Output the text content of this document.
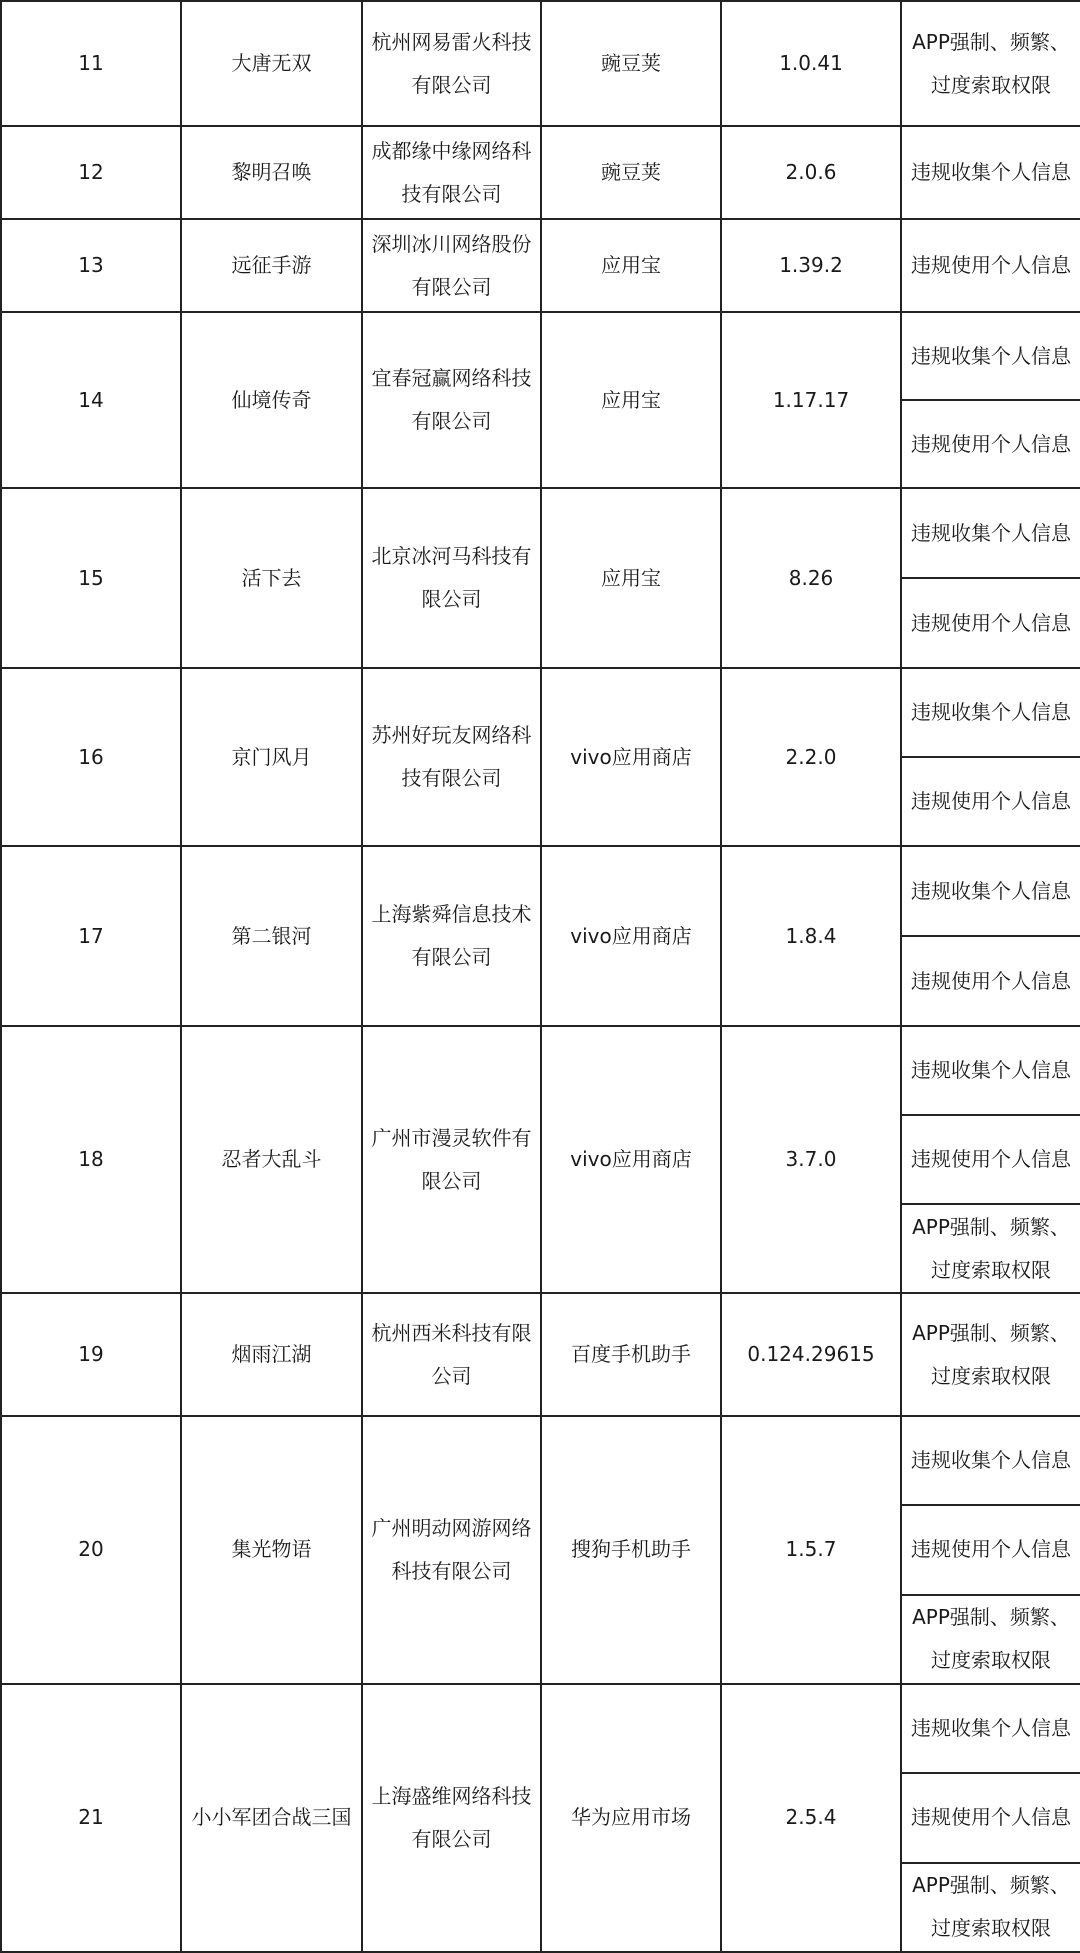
11	大唐无双	杭州网易雷火科技有限公司	豌豆荚	1.0.41	APP强制、频繁、过度索取权限

12	黎明召唤	成都缘中缘网络科技有限公司	豌豆荚	2.0.6	违规收集个人信息

13	远征手游	深圳冰川网络股份有限公司	应用宝	1.39.2	违规使用个人信息

14	仙境传奇	宜春冠赢网络科技有限公司	应用宝	1.17.17	违规收集个人信息

					违规使用个人信息

15	活下去	北京冰河马科技有限公司	应用宝	8.26	违规收集个人信息

					违规使用个人信息

16	京门风月	苏州好玩友网络科技有限公司	vivo应用商店	2.2.0	违规收集个人信息

					违规使用个人信息

17	第二银河	上海紫舜信息技术有限公司	vivo应用商店	1.8.4	违规收集个人信息

					违规使用个人信息

18	忍者大乱斗	广州市漫灵软件有限公司	vivo应用商店	3.7.0	违规收集个人信息

					违规使用个人信息

					APP强制、频繁、过度索取权限

19	烟雨江湖	杭州西米科技有限公司	百度手机助手	0.124.29615	APP强制、频繁、过度索取权限

20	集光物语	广州明动网游网络科技有限公司	搜狗手机助手	1.5.7	违规收集个人信息

					违规使用个人信息

					APP强制、频繁、过度索取权限

21	小小军团合战三国	上海盛维网络科技有限公司	华为应用市场	2.5.4	违规收集个人信息

					违规使用个人信息

					APP强制、频繁、过度索取权限
